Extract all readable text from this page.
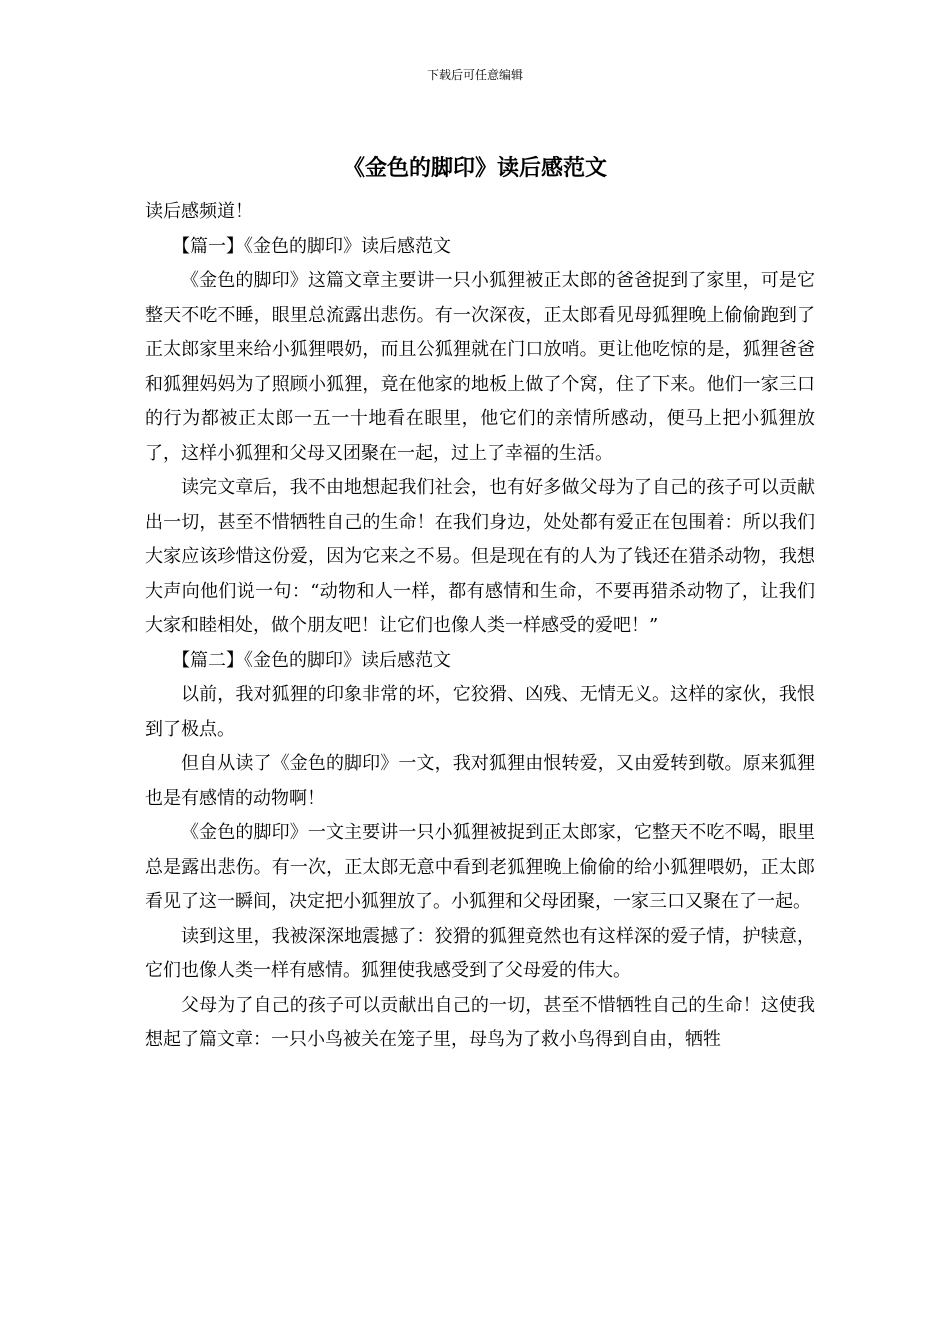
下载后可任意编辑
《金色的脚印》读后感范文

读后感频道！

【篇一】《金色的脚印》读后感范文

《金色的脚印》这篇文章主要讲一只小狐狸被正太郎的爸爸捉到了家里，可是它整天不吃不睡，眼里总流露出悲伤。有一次深夜，正太郎看见母狐狸晚上偷偷跑到了正太郎家里来给小狐狸喂奶，而且公狐狸就在门口放哨。更让他吃惊的是，狐狸爸爸和狐狸妈妈为了照顾小狐狸，竟在他家的地板上做了个窝，住了下来。他们一家三口的行为都被正太郎一五一十地看在眼里，他它们的亲情所感动，便马上把小狐狸放了，这样小狐狸和父母又团聚在一起，过上了幸福的生活。

读完文章后，我不由地想起我们社会，也有好多做父母为了自己的孩子可以贡献出一切，甚至不惜牺牲自己的生命！在我们身边，处处都有爱正在包围着：所以我们大家应该珍惜这份爱，因为它来之不易。但是现在有的人为了钱还在猎杀动物，我想大声向他们说一句：“动物和人一样，都有感情和生命，不要再猎杀动物了，让我们大家和睦相处，做个朋友吧！让它们也像人类一样感受的爱吧！”

【篇二】《金色的脚印》读后感范文

以前，我对狐狸的印象非常的坏，它狡猾、凶残、无情无义。这样的家伙，我恨到了极点。

但自从读了《金色的脚印》一文，我对狐狸由恨转爱，又由爱转到敬。原来狐狸也是有感情的动物啊！

《金色的脚印》一文主要讲一只小狐狸被捉到正太郎家，它整天不吃不喝，眼里总是露出悲伤。有一次，正太郎无意中看到老狐狸晚上偷偷的给小狐狸喂奶，正太郎看见了这一瞬间，决定把小狐狸放了。小狐狸和父母团聚，一家三口又聚在了一起。

读到这里，我被深深地震撼了：狡猾的狐狸竟然也有这样深的爱子情，护犊意，它们也像人类一样有感情。狐狸使我感受到了父母爱的伟大。

父母为了自己的孩子可以贡献出自己的一切，甚至不惜牺牲自己的生命！这使我想起了篇文章：一只小鸟被关在笼子里，母鸟为了救小鸟得到自由，牺牲
